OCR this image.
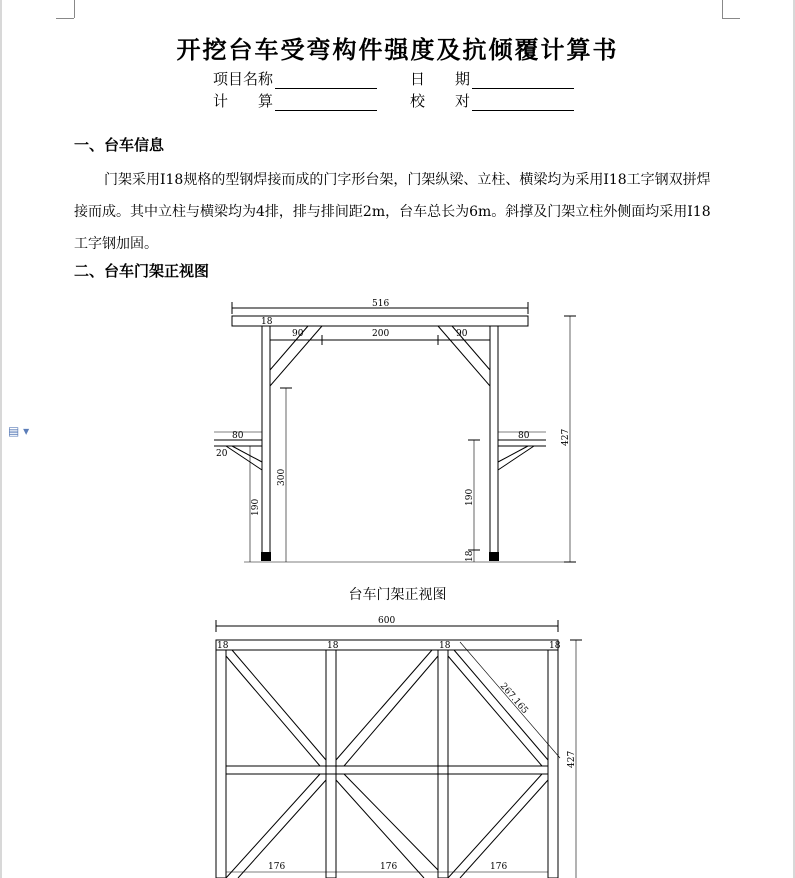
▤ ▾
开挖台车受弯构件强度及抗倾覆计算书
项目名称	日　　期
计　　算	校　　对
一、台车信息
门架采用Ⅰ18规格的型钢焊接而成的门字形台架，门架纵梁、立柱、横梁均为采用Ⅰ18工字钢双拼焊接而成。其中立柱与横梁均为4排，排与排间距2m，台车总长为6m。斜撑及门架立柱外侧面均采用Ⅰ18工字钢加固。
二、台车门架正视图
516
18
90	200	90
80
20
80
300
190
190
18
427
台车门架正视图
600
18	18	18	18
267.165
427
176	176	176
